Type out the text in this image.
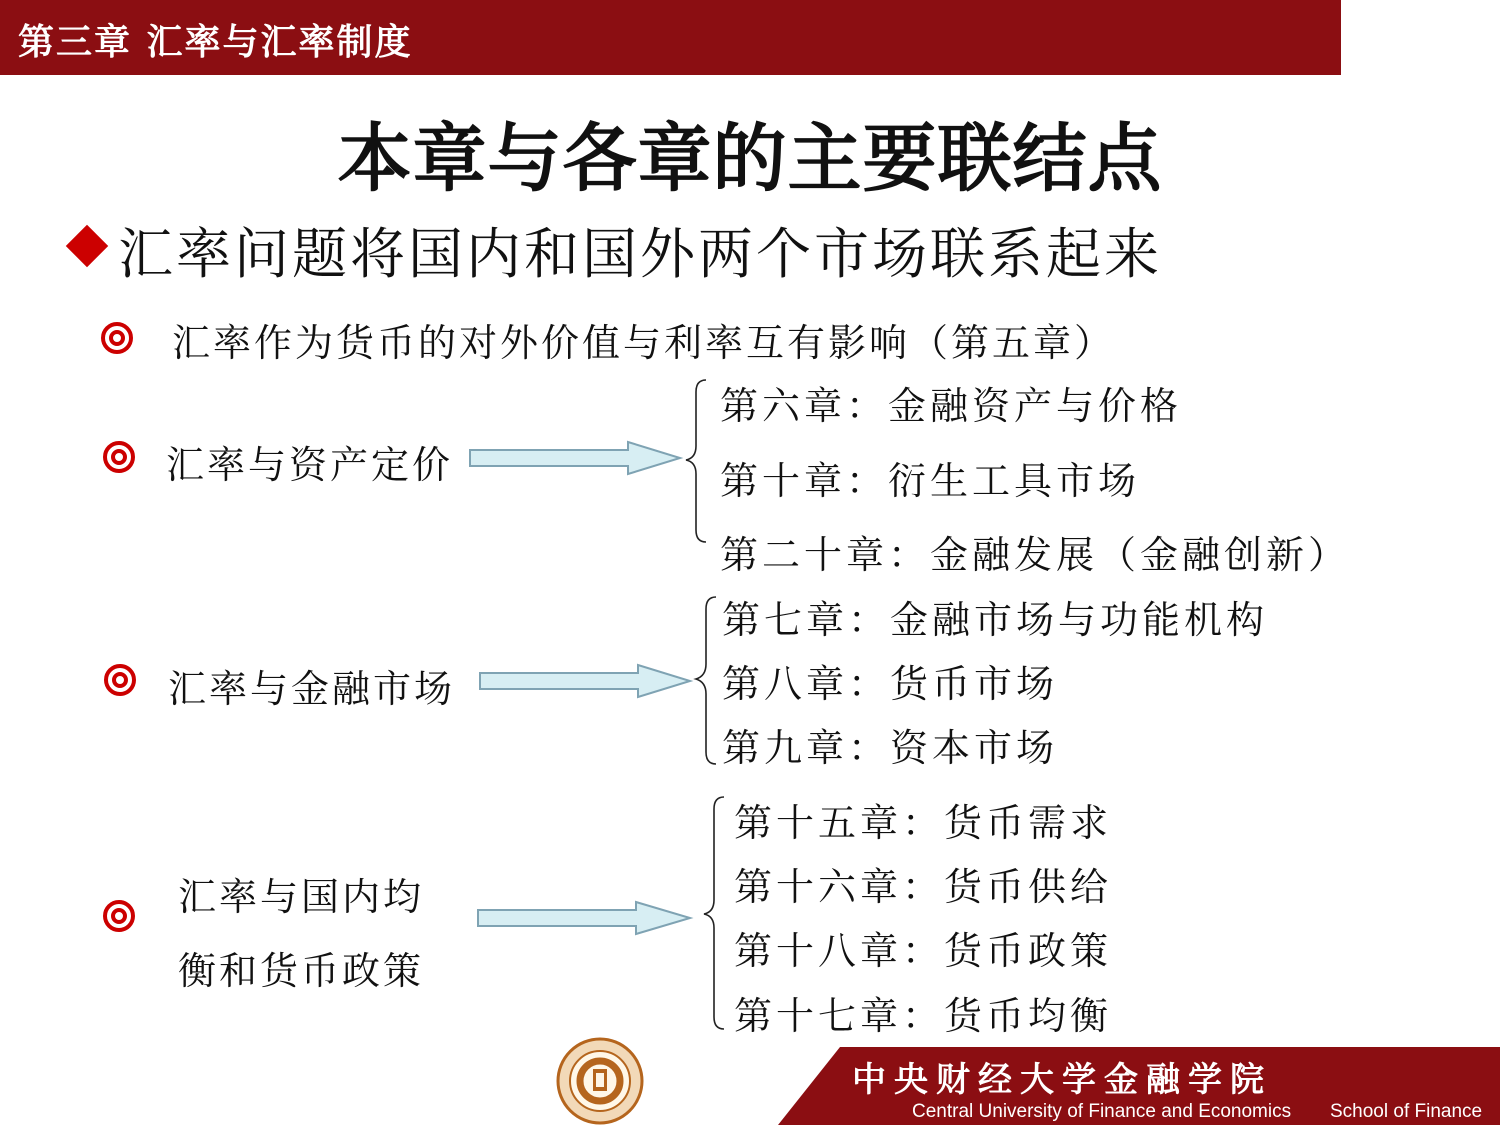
第三章 汇率与汇率制度
本章与各章的主要联结点
汇率问题将国内和国外两个市场联系起来
汇率作为货币的对外价值与利率互有影响（第五章）
汇率与资产定价
第六章：金融资产与价格
第十章：衍生工具市场
第二十章：金融发展（金融创新）
汇率与金融市场
第七章：金融市场与功能机构
第八章：货币市场
第九章：资本市场
汇率与国内均
衡和货币政策
第十五章：货币需求
第十六章：货币供给
第十八章：货币政策
第十七章：货币均衡
中央财经大学金融学院
Central University of Finance and Economics School of Finance
